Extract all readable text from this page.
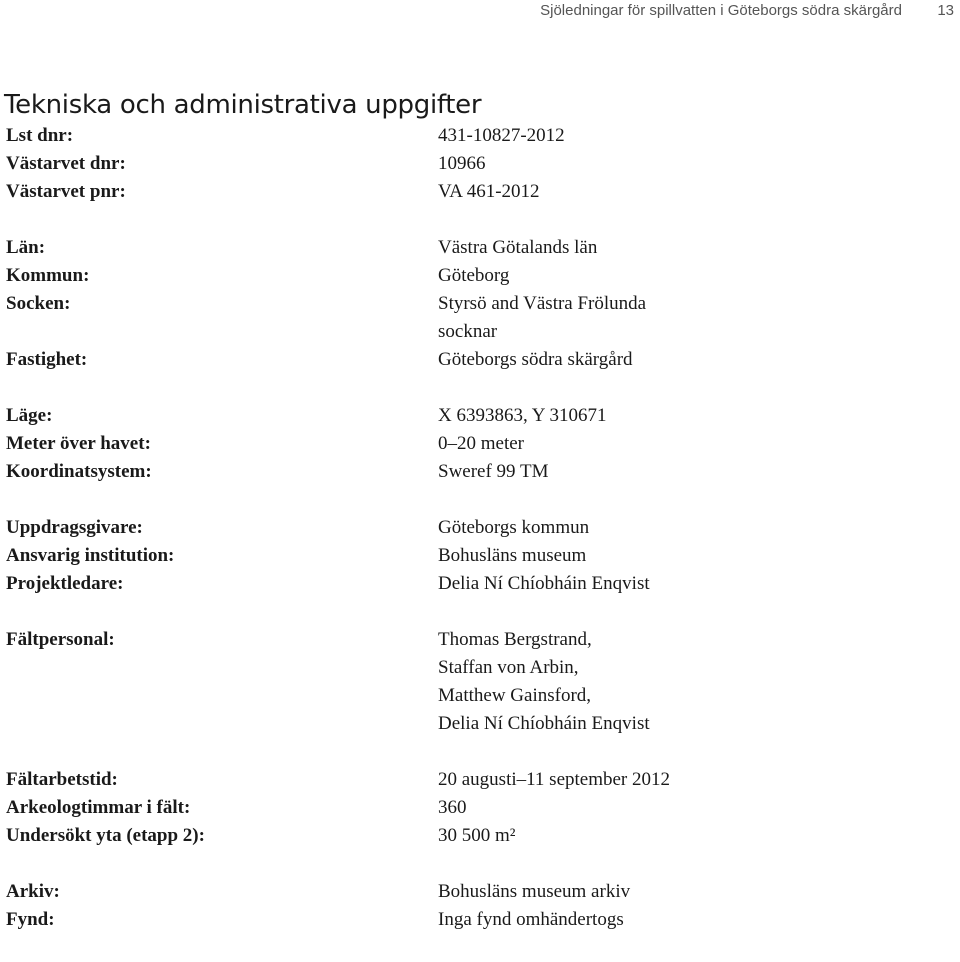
Sjöledningar för spillvatten i Göteborgs södra skärgård 13
Tekniska och administrativa uppgifter
Lst dnr:	431-10827-2012
Västarvet dnr:	10966
Västarvet pnr:	VA 461-2012
Län:	Västra Götalands län
Kommun:	Göteborg
Socken:	Styrsö and Västra Frölunda
socknar
Fastighet:	Göteborgs södra skärgård
Läge:	X 6393863, Y 310671
Meter över havet:	0–20 meter
Koordinatsystem:	Sweref 99 TM
Uppdragsgivare:	Göteborgs kommun
Ansvarig institution:	Bohusläns museum
Projektledare:	Delia Ní Chíobháin Enqvist
Fältpersonal:	Thomas Bergstrand,
Staffan von Arbin,
Matthew Gainsford,
Delia Ní Chíobháin Enqvist
Fältarbetstid:	20 augusti–11 september 2012
Arkeologtimmar i fält:	360
Undersökt yta (etapp 2):	30 500 m²
Arkiv:	Bohusläns museum arkiv
Fynd:	Inga fynd omhändertogs
